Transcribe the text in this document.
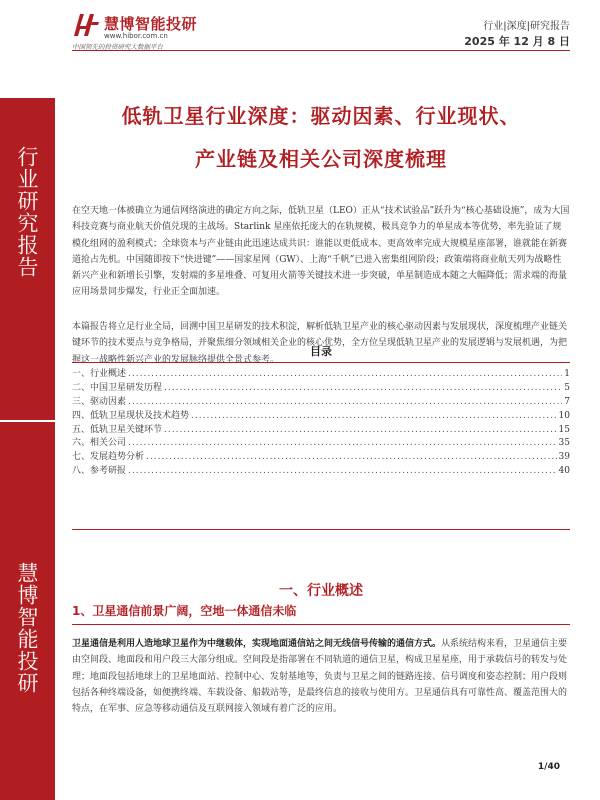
行业研究报告
慧博智能投研
慧博智能投研
www.hibor.com.cn
中国领先的投资研究大数据平台
行业|深度|研究报告
2025 年 12 月 8 日
低轨卫星行业深度：驱动因素、行业现状、
产业链及相关公司深度梳理

在空天地一体被确立为通信网络演进的确定方向之际，低轨卫星（LEO）正从“技术试验品”跃升为“核心基础设施”，成为大国科技竞赛与商业航天价值兑现的主战场。Starlink 星座依托庞大的在轨规模、极具竞争力的单星成本等优势，率先验证了规模化组网的盈利模式；全球资本与产业链由此迅速达成共识：谁能以更低成本、更高效率完成大规模星座部署，谁就能在新赛道抢占先机。中国随即按下“快进键”——国家星网（GW）、上海“千帆”已进入密集组网阶段；政策端将商业航天列为战略性新兴产业和新增长引擎，发射端的多星堆叠、可复用火箭等关键技术进一步突破，单星制造成本随之大幅降低；需求端的海量应用场景同步爆发，行业正全面加速。

本篇报告将立足行业全局，回溯中国卫星研发的技术积淀，解析低轨卫星产业的核心驱动因素与发展现状，深度梳理产业链关键环节的技术要点与竞争格局，并聚焦细分领域相关企业的核心优势，全方位呈现低轨卫星产业的发展逻辑与发展机遇，为把握这一战略性新兴产业的发展脉络提供全景式参考。

目录
一、行业概述 .....	1
二、中国卫星研发历程 .....	5
三、驱动因素 .....	7
四、低轨卫星现状及技术趋势 .....	10
五、低轨卫星关键环节 .....	15
六、相关公司 .....	35
七、发展趋势分析 .....	39
八、参考研报 .....	40
一、行业概述
1、卫星通信前景广阔，空地一体通信未临

卫星通信是利用人造地球卫星作为中继载体，实现地面通信站之间无线信号传输的通信方式。从系统结构来看，卫星通信主要由空间段、地面段和用户段三大部分组成。空间段是指部署在不同轨道的通信卫星，构成卫星星座，用于承载信号的转发与处理；地面段包括地球上的卫星地面站、控制中心、发射基地等，负责与卫星之间的链路连接、信号调度和姿态控制；用户段则包括各种终端设备，如便携终端、车载设备、船载站等，是最终信息的接收与使用方。卫星通信具有可靠性高、覆盖范围大的特点，在军事、应急等移动通信及互联网接入领域有着广泛的应用。

1/40
